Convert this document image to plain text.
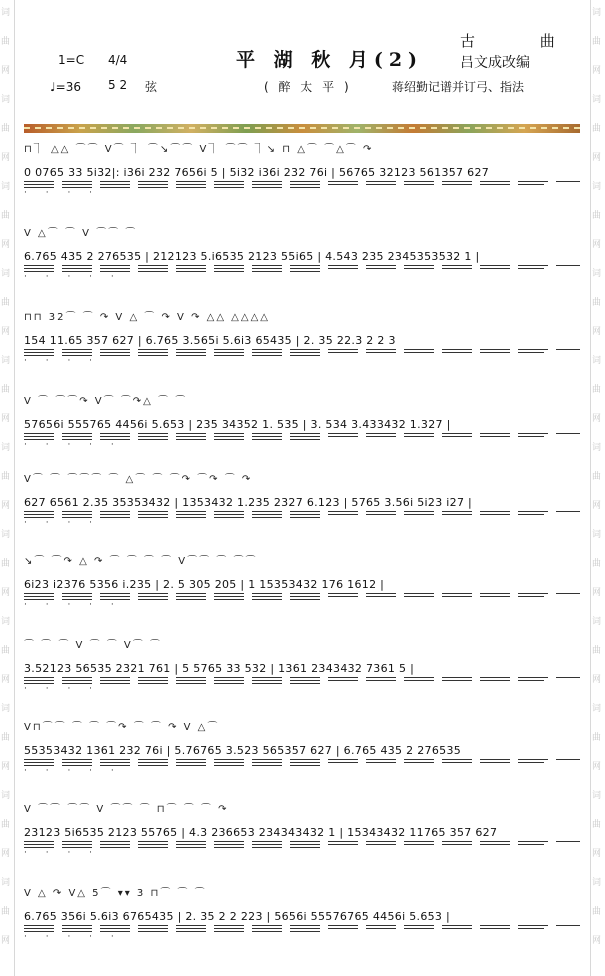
词
曲
网
词
曲
网
词
曲
网
词
曲
网
词
曲
网
词
曲
网
词
曲
网
词
曲
网
词
曲
网
词
曲
网
词
曲
网
词
曲
网
词
曲
网
词
曲
网
词
曲
网
词
曲
网
词
曲
网
词
曲
网
词
曲
网
词
曲
网
词
曲
网
词
曲
网
平 湖 秋 月(2)
( 醉 太 平 )
古 曲
吕文成改编
蒋绍勤记谱并订弓、指法
1=C 4/4
♩=36 5 2 弦
⊓⏋ △△ ⌒⌒ V⌒ ⏋ ⌒↘⌒⌒ V⏋ ⌒⌒ ⏋↘ ⊓ △⌒ ⌒△⌒ ↷
0 0765 33 5i32|: i36i 232 7656i 5 | 5i32 i36i 232 76i | 56765 32123 561357 627
· · · ·
V △⌒ ⌒ V ⌒⌒ ⌒
6.765 435 2 276535 | 212123 5.i6535 2123 55i65 | 4.543 235 2345353532 1 |
· · · · ·
⊓⊓ 32⌒ ⌒ ↷ V △ ⌒ ↷ V ↷ △△ △△△△
154 11.65 357 627 | 6.765 3.565i 5.6i3 65435 | 2. 35 22.3 2 2 3
· · · ·
V ⌒ ⌒⌒↷ V⌒ ⌒↷△ ⌒ ⌒
57656i 555765 4456i 5.653 | 235 34352 1. 535 | 3. 534 3.433432 1.327 |
· · · · ·
V⌒ ⌒ ⌒⌒⌒ ⌒ △⌒ ⌒ ⌒↷ ⌒↷ ⌒ ↷
627 6561 2.35 35353432 | 1353432 1.235 2327 6.123 | 5765 3.56i 5i23 i27 |
· · · ·
↘⌒ ⌒↷ △ ↷ ⌒ ⌒ ⌒ ⌒ V⌒⌒ ⌒ ⌒⌒
6i23 i2376 5356 i.235 | 2. 5 305 205 | 1 15353432 176 1612 |
· · · · ·
⌒ ⌒ ⌒ V ⌒ ⌒ V⌒ ⌒
3.52123 56535 2321 761 | 5 5765 33 532 | 1361 2343432 7361 5 |
· · · ·
V⊓⌒⌒ ⌒ ⌒ ⌒↷ ⌒ ⌒ ↷ V △⌒
55353432 1361 232 76i | 5.76765 3.523 565357 627 | 6.765 435 2 276535
· · · · ·
V ⌒⌒ ⌒⌒ V ⌒⌒ ⌒ ⊓⌒ ⌒ ⌒ ↷
23123 5i6535 2123 55765 | 4.3 236653 234343432 1 | 15343432 11765 357 627
· · · ·
V △ ↷ V△ 5⌒ ▾▾ 3 ⊓⌒ ⌒ ⌒
6.765 356i 5.6i3 6765435 | 2. 35 2 2 223 | 5656i 55576765 4456i 5.653 |
· · · · ·
